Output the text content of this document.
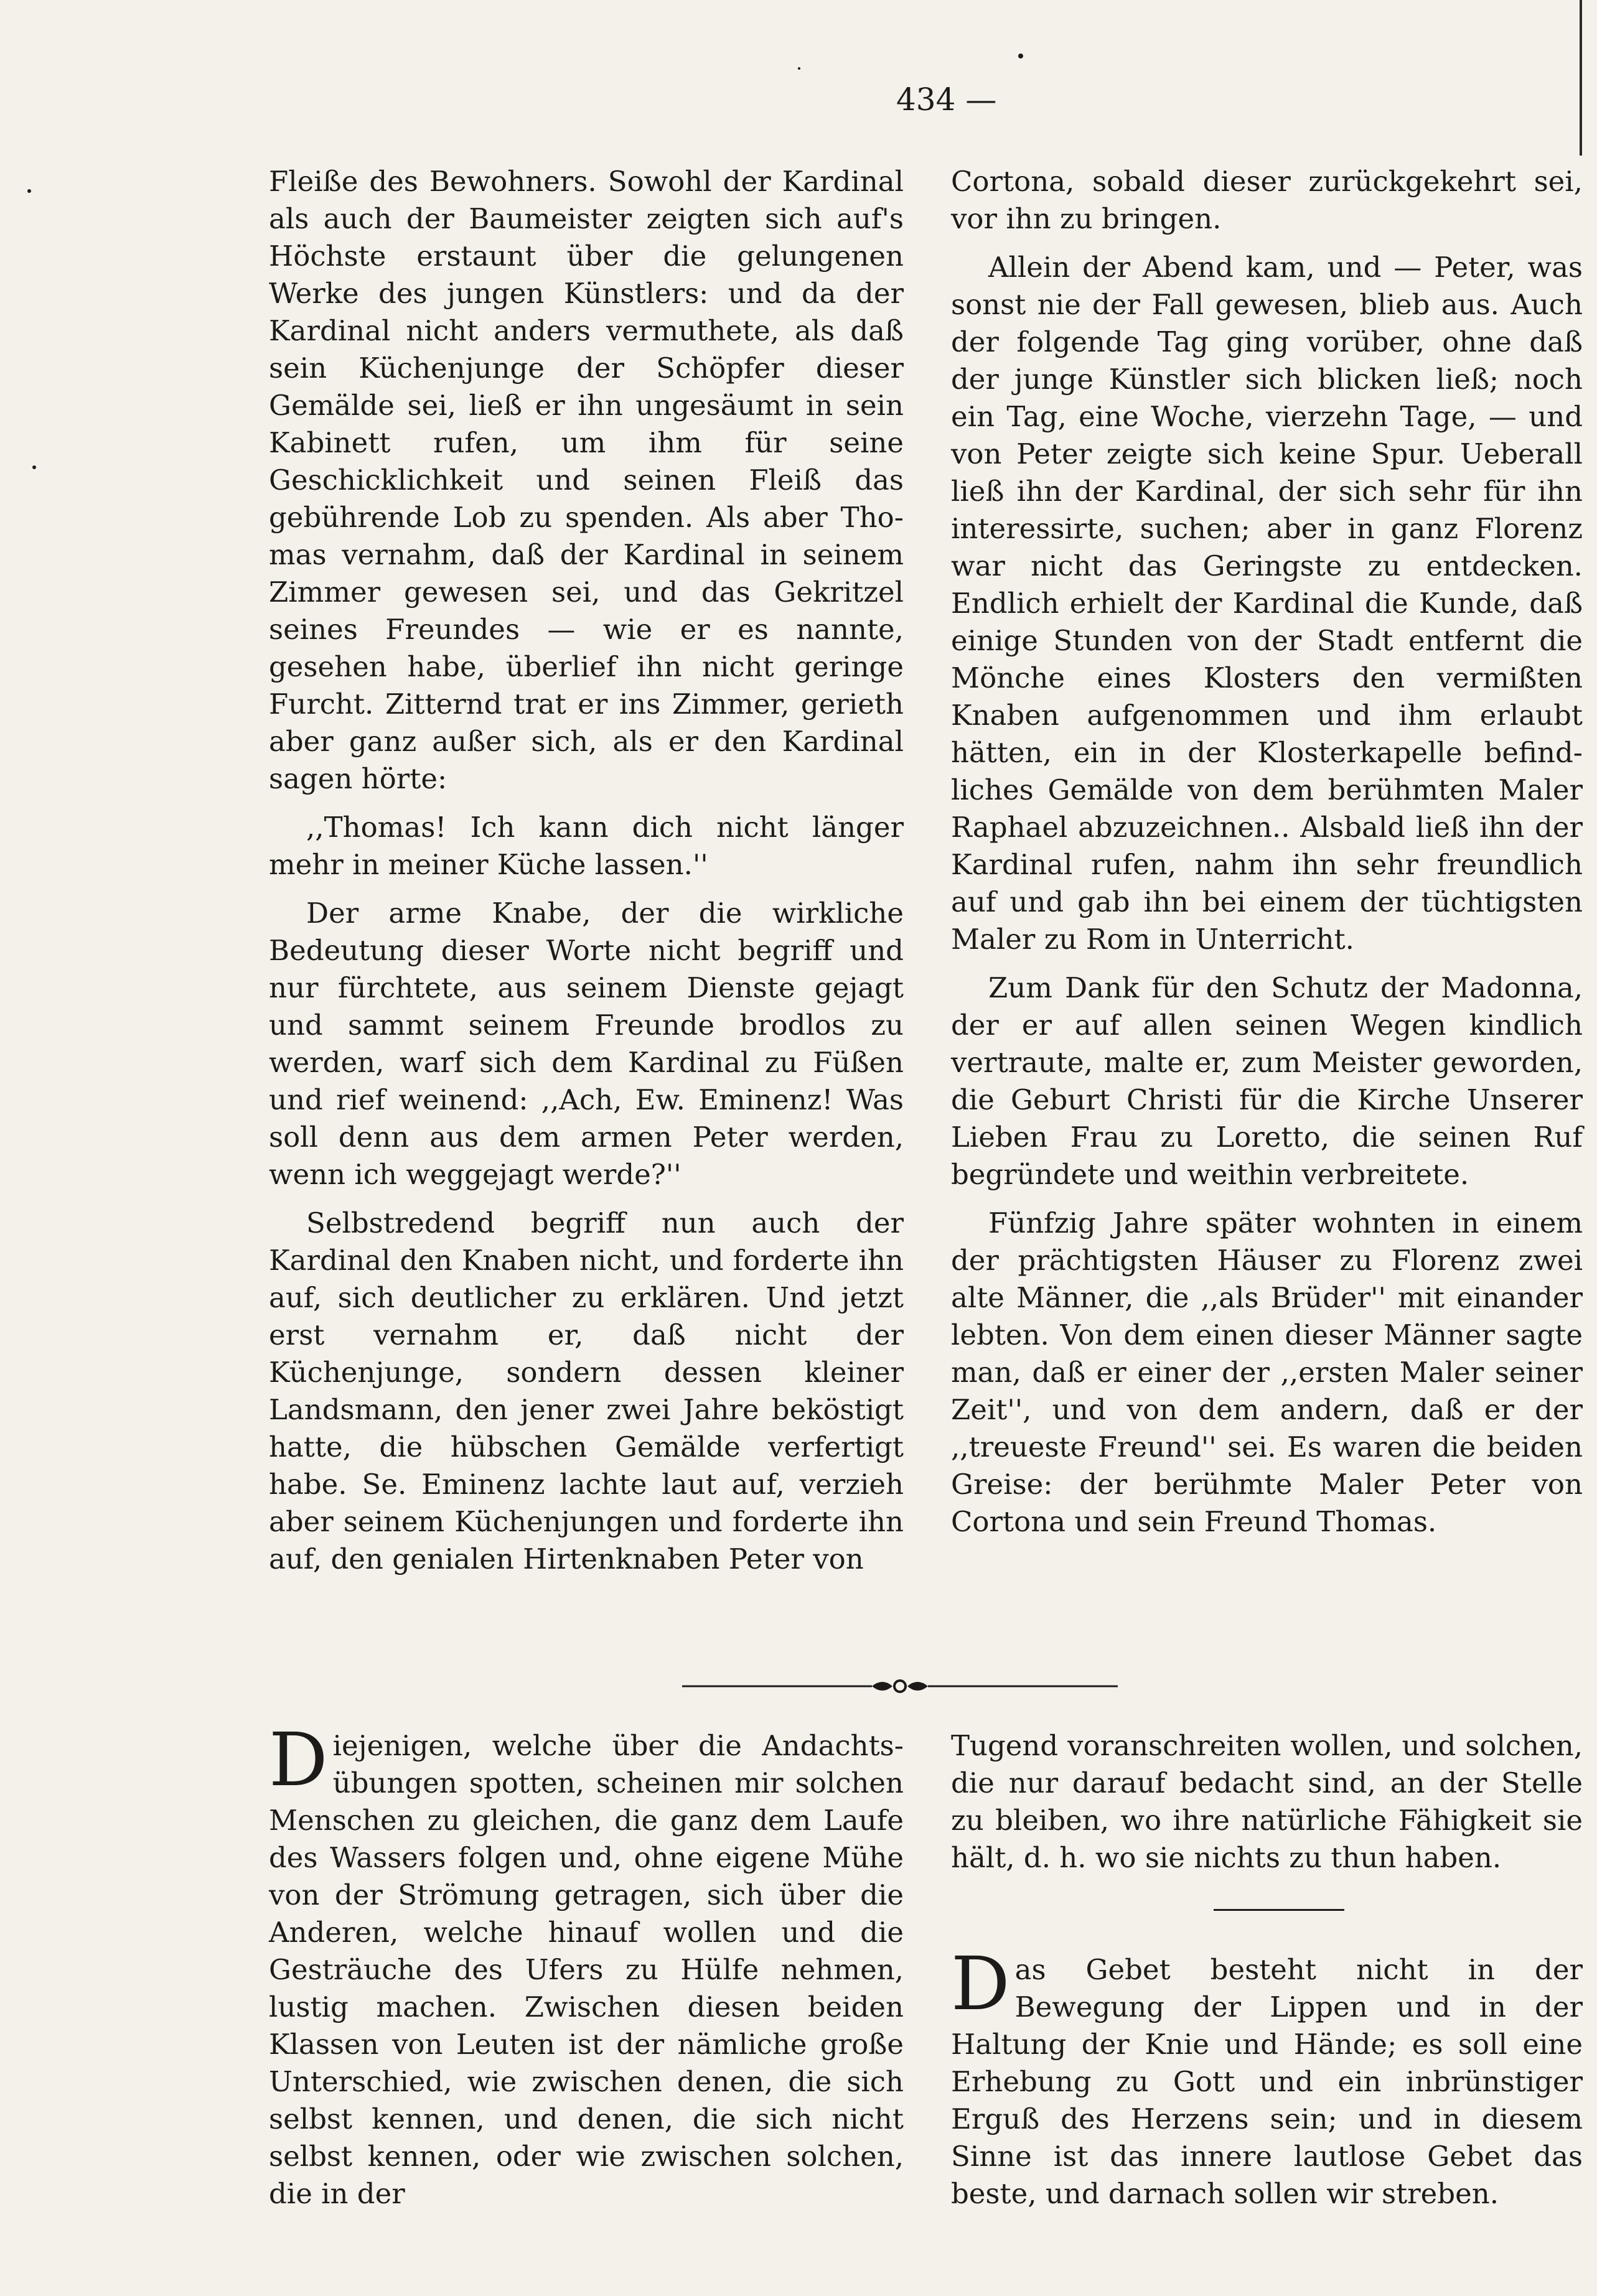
434 —

Fleiße des Bewohners. Sowohl der Kardinal als auch der Baumeister zeigten sich auf's Höchste erstaunt über die gelungenen Werke des jungen Künstlers: und da der Kardinal nicht anders vermuthete, als daß sein Küchenjunge der Schöpfer dieser Gemälde sei, ließ er ihn ungesäumt in sein Kabinett rufen, um ihm für seine Geschicklichkeit und seinen Fleiß das gebührende Lob zu spenden. Als aber Thomas vernahm, daß der Kardinal in seinem Zimmer gewesen sei, und das Gekritzel seines Freundes — wie er es nannte, gesehen habe, überlief ihn nicht geringe Furcht. Zitternd trat er ins Zimmer, gerieth aber ganz außer sich, als er den Kardinal sagen hörte:

,,Thomas! Ich kann dich nicht länger mehr in meiner Küche lassen.''

Der arme Knabe, der die wirkliche Bedeutung dieser Worte nicht begriff und nur fürchtete, aus seinem Dienste gejagt und sammt seinem Freunde brodlos zu werden, warf sich dem Kardinal zu Füßen und rief weinend: ,,Ach, Ew. Eminenz! Was soll denn aus dem armen Peter werden, wenn ich weggejagt werde?''

Selbstredend begriff nun auch der Kardinal den Knaben nicht, und forderte ihn auf, sich deutlicher zu erklären. Und jetzt erst vernahm er, daß nicht der Küchenjunge, sondern dessen kleiner Landsmann, den jener zwei Jahre beköstigt hatte, die hübschen Gemälde verfertigt habe. Se. Eminenz lachte laut auf, verzieh aber seinem Küchenjungen und forderte ihn auf, den genialen Hirtenknaben Peter von

Cortona, sobald dieser zurückgekehrt sei, vor ihn zu bringen.

Allein der Abend kam, und — Peter, was sonst nie der Fall gewesen, blieb aus. Auch der folgende Tag ging vorüber, ohne daß der junge Künstler sich blicken ließ; noch ein Tag, eine Woche, vierzehn Tage, — und von Peter zeigte sich keine Spur. Ueberall ließ ihn der Kardinal, der sich sehr für ihn interessirte, suchen; aber in ganz Florenz war nicht das Geringste zu entdecken. Endlich erhielt der Kardinal die Kunde, daß einige Stunden von der Stadt entfernt die Mönche eines Klosters den vermißten Knaben aufgenommen und ihm erlaubt hätten, ein in der Klosterkapelle befindliches Gemälde von dem berühmten Maler Raphael abzuzeichnen.. Alsbald ließ ihn der Kardinal rufen, nahm ihn sehr freundlich auf und gab ihn bei einem der tüchtigsten Maler zu Rom in Unterricht.

Zum Dank für den Schutz der Madonna, der er auf allen seinen Wegen kindlich vertraute, malte er, zum Meister geworden, die Geburt Christi für die Kirche Unserer Lieben Frau zu Loretto, die seinen Ruf begründete und weithin verbreitete.

Fünfzig Jahre später wohnten in einem der prächtigsten Häuser zu Florenz zwei alte Männer, die ,,als Brüder'' mit einander lebten. Von dem einen dieser Männer sagte man, daß er einer der ,,ersten Maler seiner Zeit'', und von dem andern, daß er der ,,treueste Freund'' sei. Es waren die beiden Greise: der berühmte Maler Peter von Cortona und sein Freund Thomas.

Diejenigen, welche über die Andachtsübungen spotten, scheinen mir solchen Menschen zu gleichen, die ganz dem Laufe des Wassers folgen und, ohne eigene Mühe von der Strömung getragen, sich über die Anderen, welche hinauf wollen und die Gesträuche des Ufers zu Hülfe nehmen, lustig machen. Zwischen diesen beiden Klassen von Leuten ist der nämliche große Unterschied, wie zwischen denen, die sich selbst kennen, und denen, die sich nicht selbst kennen, oder wie zwischen solchen, die in der

Tugend voranschreiten wollen, und solchen, die nur darauf bedacht sind, an der Stelle zu bleiben, wo ihre natürliche Fähigkeit sie hält, d. h. wo sie nichts zu thun haben.

Das Gebet besteht nicht in der Bewegung der Lippen und in der Haltung der Knie und Hände; es soll eine Erhebung zu Gott und ein inbrünstiger Erguß des Herzens sein; und in diesem Sinne ist das innere lautlose Gebet das beste, und darnach sollen wir streben.
